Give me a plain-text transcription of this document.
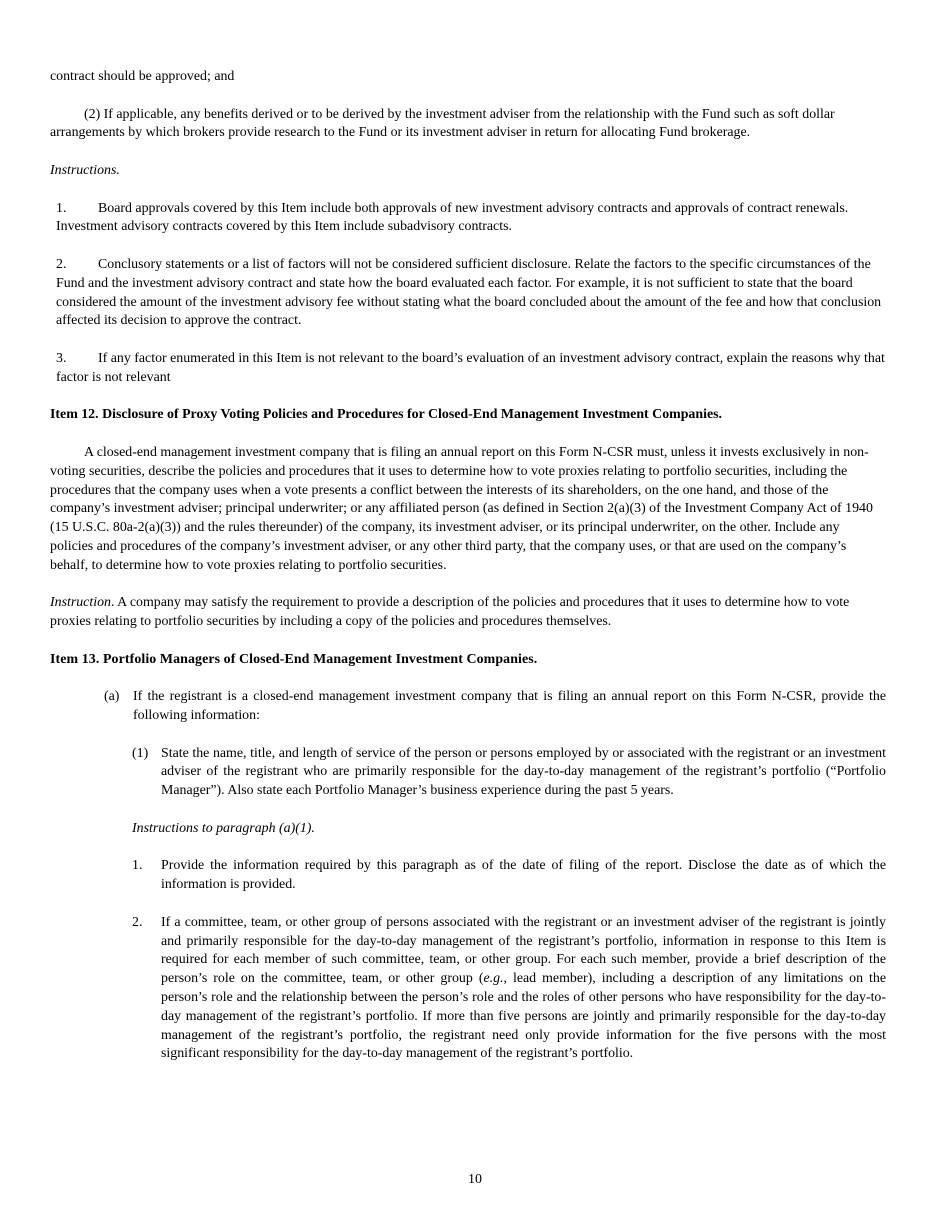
contract should be approved; and

(2) If applicable, any benefits derived or to be derived by the investment adviser from the relationship with the Fund such as soft dollar arrangements by which brokers provide research to the Fund or its investment adviser in return for allocating Fund brokerage.

Instructions.

1. Board approvals covered by this Item include both approvals of new investment advisory contracts and approvals of contract renewals. Investment advisory contracts covered by this Item include subadvisory contracts.

2. Conclusory statements or a list of factors will not be considered sufficient disclosure. Relate the factors to the specific circumstances of the Fund and the investment advisory contract and state how the board evaluated each factor. For example, it is not sufficient to state that the board considered the amount of the investment advisory fee without stating what the board concluded about the amount of the fee and how that conclusion affected its decision to approve the contract.

3. If any factor enumerated in this Item is not relevant to the board’s evaluation of an investment advisory contract, explain the reasons why that factor is not relevant

Item 12. Disclosure of Proxy Voting Policies and Procedures for Closed-End Management Investment Companies.

A closed-end management investment company that is filing an annual report on this Form N-CSR must, unless it invests exclusively in non-voting securities, describe the policies and procedures that it uses to determine how to vote proxies relating to portfolio securities, including the procedures that the company uses when a vote presents a conflict between the interests of its shareholders, on the one hand, and those of the company’s investment adviser; principal underwriter; or any affiliated person (as defined in Section 2(a)(3) of the Investment Company Act of 1940 (15 U.S.C. 80a-2(a)(3)) and the rules thereunder) of the company, its investment adviser, or its principal underwriter, on the other. Include any policies and procedures of the company’s investment adviser, or any other third party, that the company uses, or that are used on the company’s behalf, to determine how to vote proxies relating to portfolio securities.

Instruction. A company may satisfy the requirement to provide a description of the policies and procedures that it uses to determine how to vote proxies relating to portfolio securities by including a copy of the policies and procedures themselves.

Item 13. Portfolio Managers of Closed-End Management Investment Companies.

(a) If the registrant is a closed-end management investment company that is filing an annual report on this Form N-CSR, provide the following information:
(1) State the name, title, and length of service of the person or persons employed by or associated with the registrant or an investment adviser of the registrant who are primarily responsible for the day-to-day management of the registrant’s portfolio (“Portfolio Manager”). Also state each Portfolio Manager’s business experience during the past 5 years.

Instructions to paragraph (a)(1).

1. Provide the information required by this paragraph as of the date of filing of the report. Disclose the date as of which the information is provided.
2. If a committee, team, or other group of persons associated with the registrant or an investment adviser of the registrant is jointly and primarily responsible for the day-to-day management of the registrant’s portfolio, information in response to this Item is required for each member of such committee, team, or other group. For each such member, provide a brief description of the person’s role on the committee, team, or other group (e.g., lead member), including a description of any limitations on the person’s role and the relationship between the person’s role and the roles of other persons who have responsibility for the day-to-day management of the registrant’s portfolio. If more than five persons are jointly and primarily responsible for the day-to-day management of the registrant’s portfolio, the registrant need only provide information for the five persons with the most significant responsibility for the day-to-day management of the registrant’s portfolio.
10
